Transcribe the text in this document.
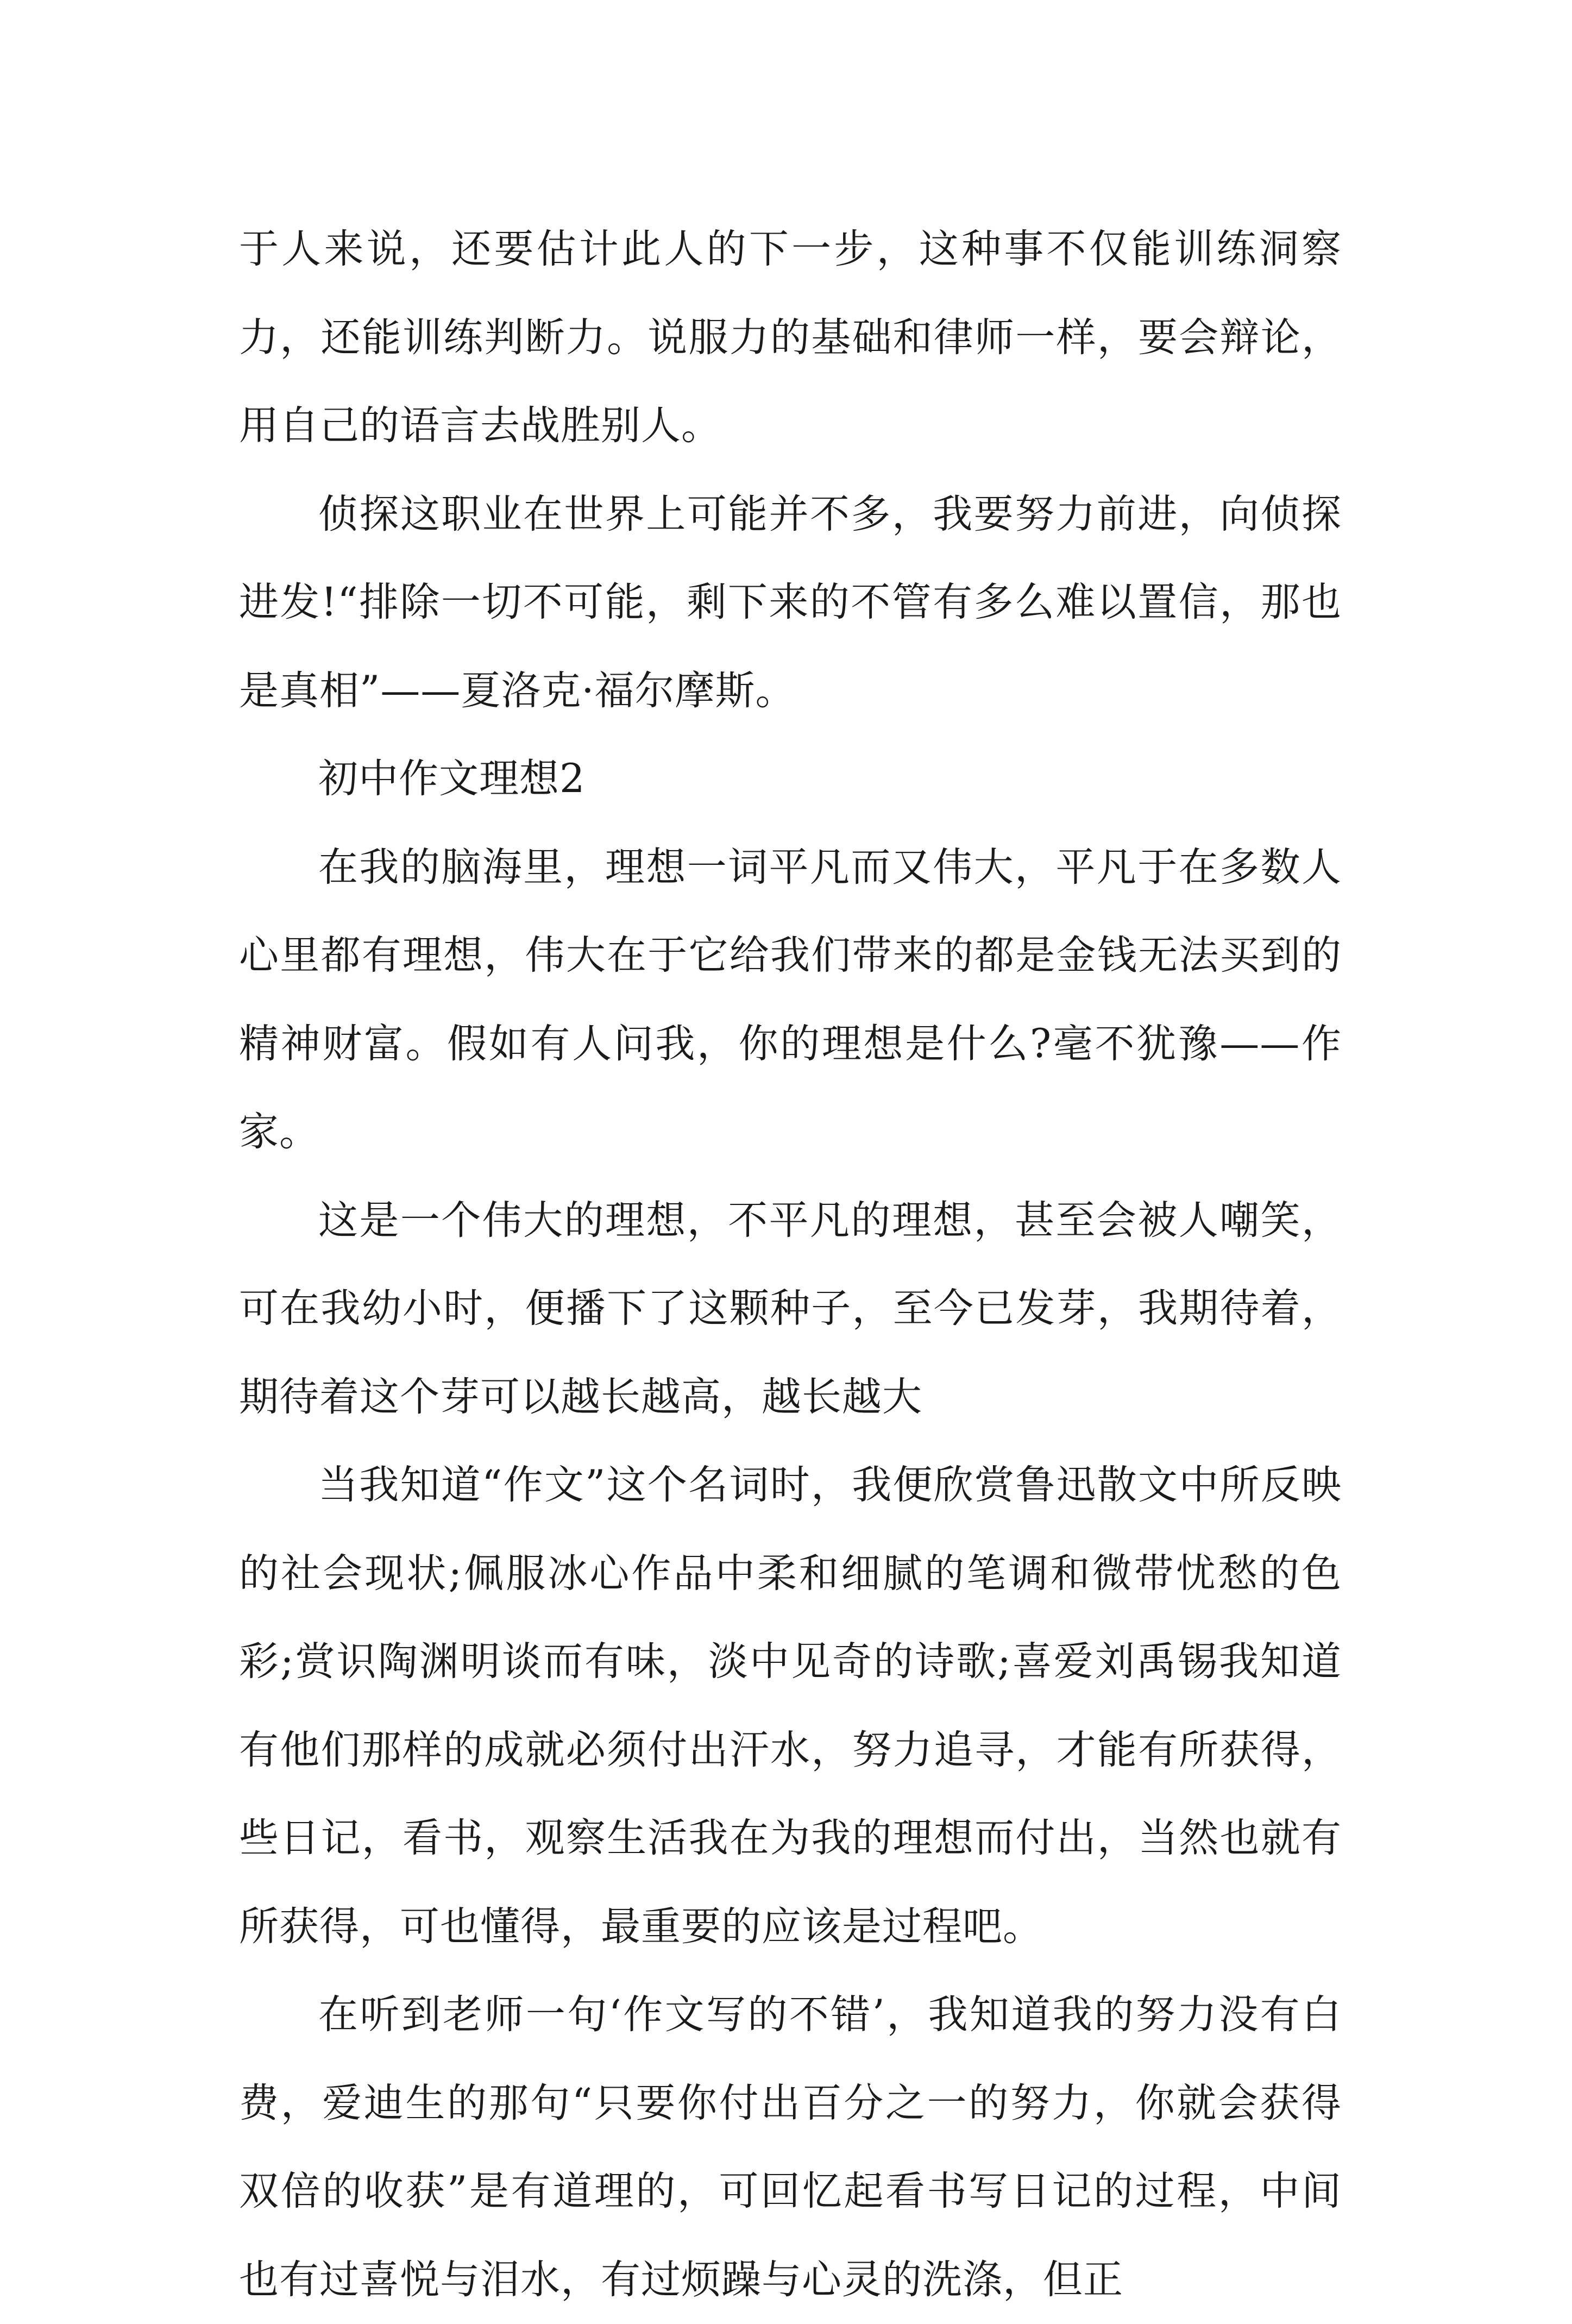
于人来说，还要估计此人的下一步，这种事不仅能训练洞察力，还能训练判断力。说服力的基础和律师一样，要会辩论，用自己的语言去战胜别人。

侦探这职业在世界上可能并不多，我要努力前进，向侦探进发!“排除一切不可能，剩下来的不管有多么难以置信，那也是真相”——夏洛克·福尔摩斯。

初中作文理想2

在我的脑海里，理想一词平凡而又伟大，平凡于在多数人心里都有理想，伟大在于它给我们带来的都是金钱无法买到的精神财富。假如有人问我，你的理想是什么?毫不犹豫——作家。

这是一个伟大的理想，不平凡的理想，甚至会被人嘲笑，可在我幼小时，便播下了这颗种子，至今已发芽，我期待着，期待着这个芽可以越长越高，越长越大

当我知道“作文”这个名词时，我便欣赏鲁迅散文中所反映的社会现状;佩服冰心作品中柔和细腻的笔调和微带忧愁的色彩;赏识陶渊明谈而有味，淡中见奇的诗歌;喜爱刘禹锡我知道有他们那样的成就必须付出汗水，努力追寻，才能有所获得，些日记，看书，观察生活我在为我的理想而付出，当然也就有所获得，可也懂得，最重要的应该是过程吧。

在听到老师一句‘作文写的不错’，我知道我的努力没有白费，爱迪生的那句“只要你付出百分之一的努力，你就会获得双倍的收获”是有道理的，可回忆起看书写日记的过程，中间也有过喜悦与泪水，有过烦躁与心灵的洗涤，但正
